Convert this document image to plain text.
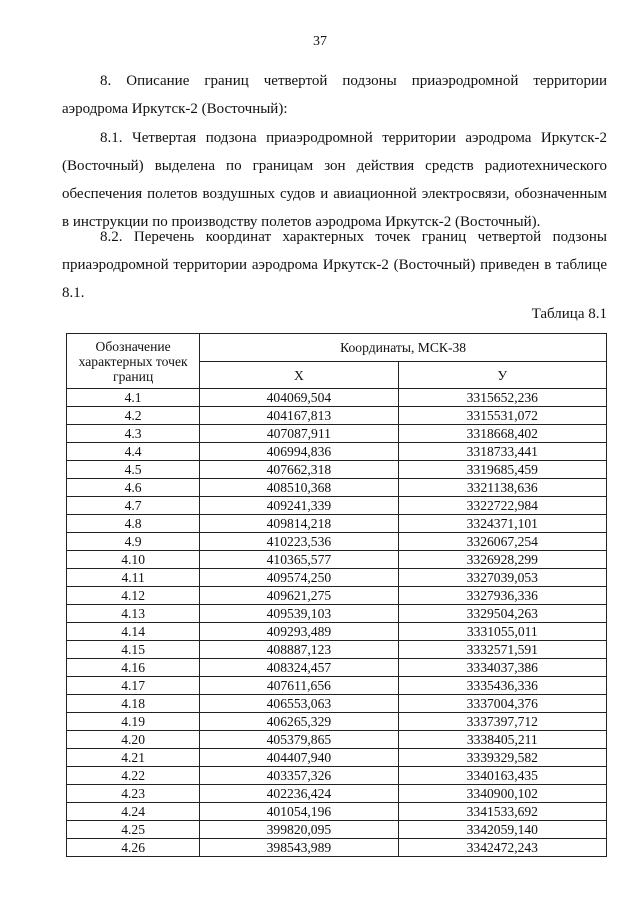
37
8. Описание границ четвертой подзоны приаэродромной территории аэродрома Иркутск-2 (Восточный):
8.1. Четвертая подзона приаэродромной территории аэродрома Иркутск-2 (Восточный) выделена по границам зон действия средств радиотехнического обеспечения полетов воздушных судов и авиационной электросвязи, обозначенным в инструкции по производству полетов аэродрома Иркутск-2 (Восточный).
8.2. Перечень координат характерных точек границ четвертой подзоны приаэродромной территории аэродрома Иркутск-2 (Восточный) приведен в таблице 8.1.
Таблица 8.1
Обозначение характерных точек границ	Координаты, МСК-38	
	X	У
4.1	404069,504	3315652,236
4.2	404167,813	3315531,072
4.3	407087,911	3318668,402
4.4	406994,836	3318733,441
4.5	407662,318	3319685,459
4.6	408510,368	3321138,636
4.7	409241,339	3322722,984
4.8	409814,218	3324371,101
4.9	410223,536	3326067,254
4.10	410365,577	3326928,299
4.11	409574,250	3327039,053
4.12	409621,275	3327936,336
4.13	409539,103	3329504,263
4.14	409293,489	3331055,011
4.15	408887,123	3332571,591
4.16	408324,457	3334037,386
4.17	407611,656	3335436,336
4.18	406553,063	3337004,376
4.19	406265,329	3337397,712
4.20	405379,865	3338405,211
4.21	404407,940	3339329,582
4.22	403357,326	3340163,435
4.23	402236,424	3340900,102
4.24	401054,196	3341533,692
4.25	399820,095	3342059,140
4.26	398543,989	3342472,243
